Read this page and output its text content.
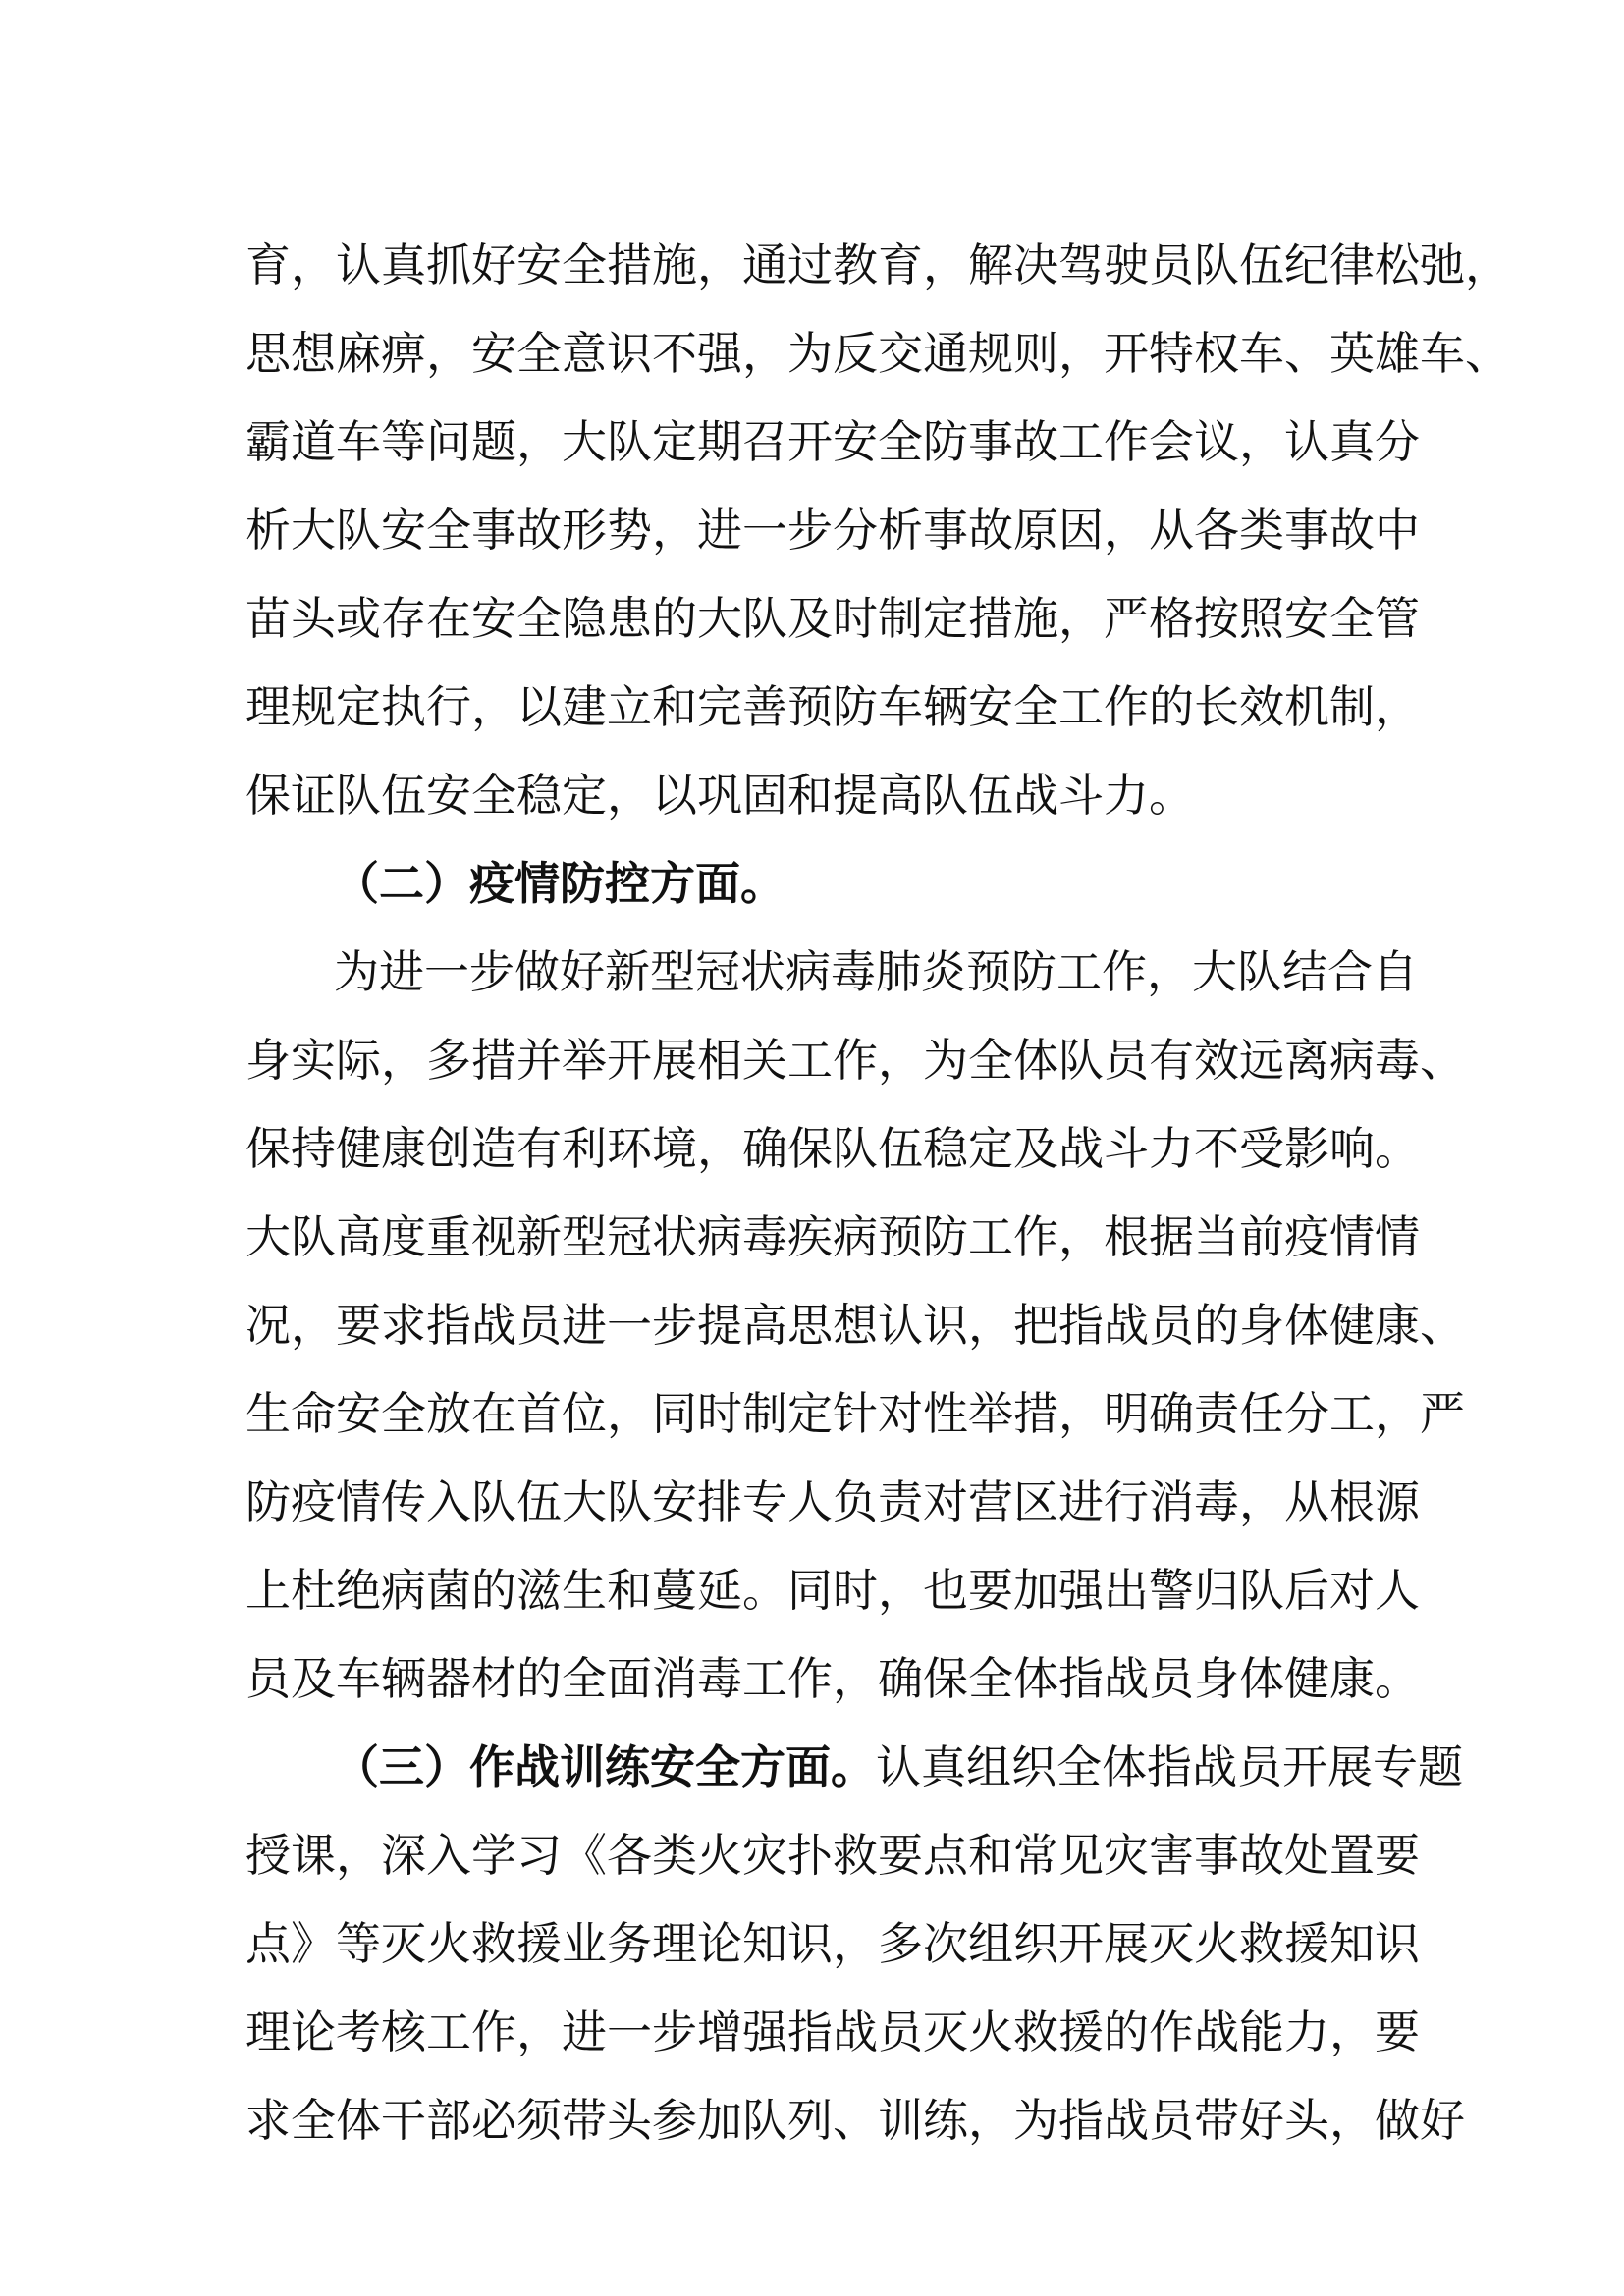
育，认真抓好安全措施，通过教育，解决驾驶员队伍纪律松弛，
思想麻痹，安全意识不强，为反交通规则，开特权车、英雄车、
霸道车等问题，大队定期召开安全防事故工作会议，认真分
析大队安全事故形势，进一步分析事故原因，从各类事故中
苗头或存在安全隐患的大队及时制定措施，严格按照安全管
理规定执行，以建立和完善预防车辆安全工作的长效机制，
保证队伍安全稳定，以巩固和提高队伍战斗力。
（二）疫情防控方面。
为进一步做好新型冠状病毒肺炎预防工作，大队结合自
身实际，多措并举开展相关工作，为全体队员有效远离病毒、
保持健康创造有利环境，确保队伍稳定及战斗力不受影响。
大队高度重视新型冠状病毒疾病预防工作，根据当前疫情情
况，要求指战员进一步提高思想认识，把指战员的身体健康、
生命安全放在首位，同时制定针对性举措，明确责任分工，严
防疫情传入队伍大队安排专人负责对营区进行消毒，从根源
上杜绝病菌的滋生和蔓延。同时，也要加强出警归队后对人
员及车辆器材的全面消毒工作，确保全体指战员身体健康。
（三）作战训练安全方面。 认真组织全体指战员开展专题
授课，深入学习《各类火灾扑救要点和常见灾害事故处置要
点》等灭火救援业务理论知识，多次组织开展灭火救援知识
理论考核工作，进一步增强指战员灭火救援的作战能力，要
求全体干部必须带头参加队列、训练，为指战员带好头，做好
